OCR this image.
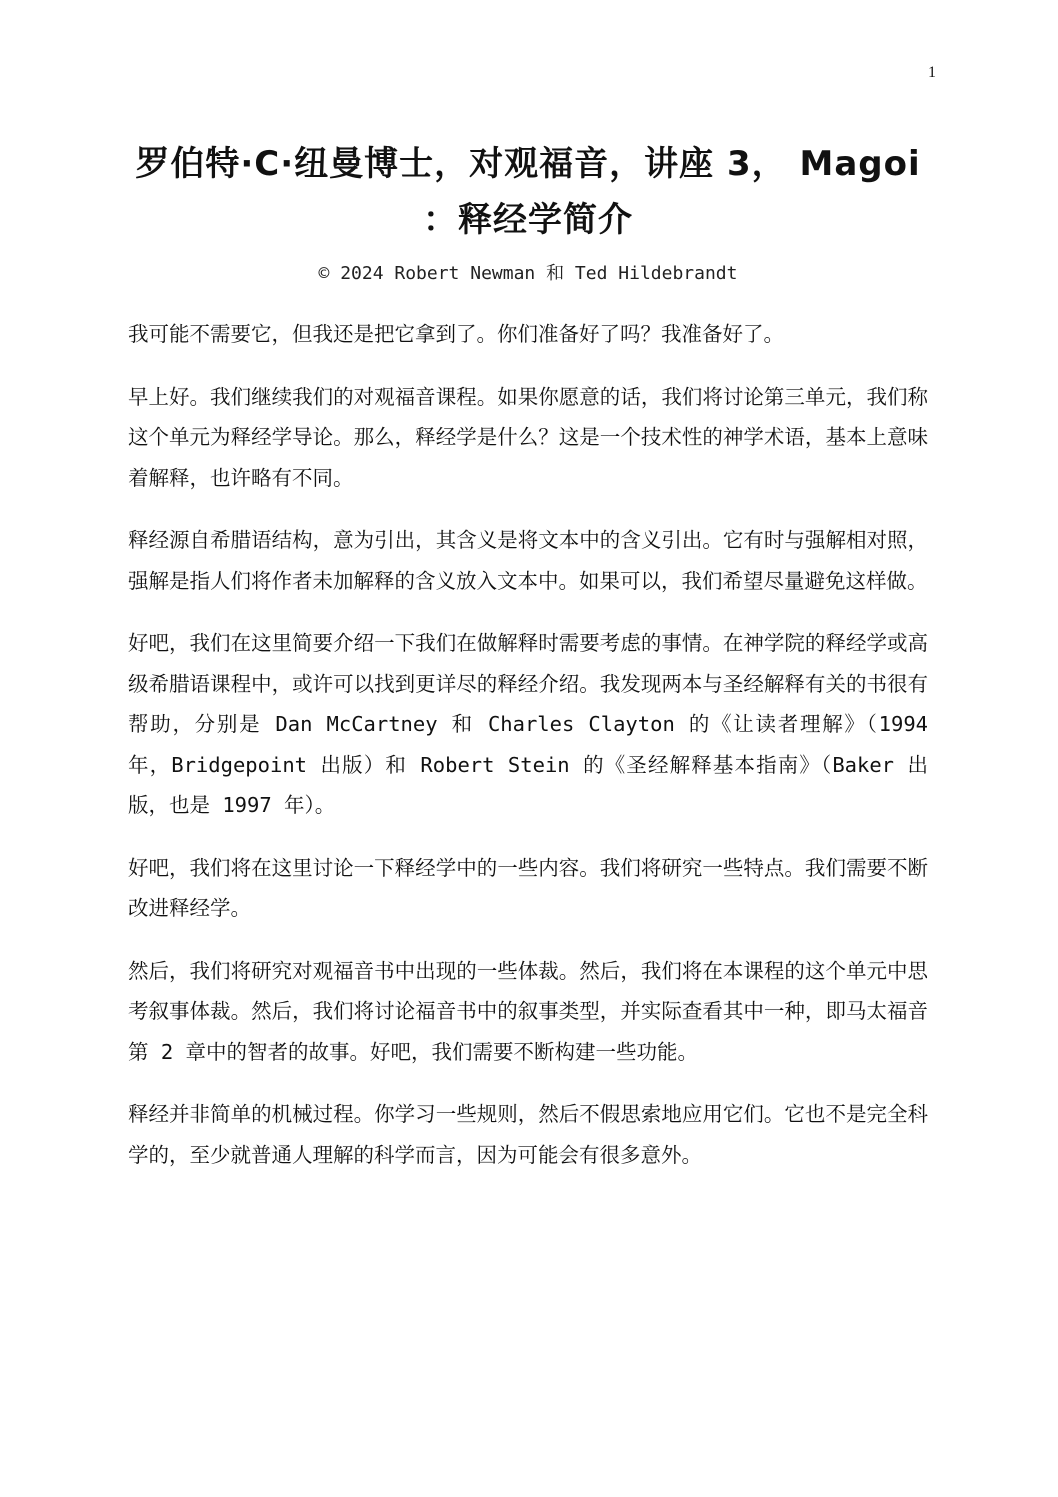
1
罗伯特·C·纽曼博士，对观福音，讲座 3， Magoi ：释经学简介
© 2024 Robert Newman 和 Ted Hildebrandt

我可能不需要它，但我还是把它拿到了。你们准备好了吗？我准备好了。

早上好。我们继续我们的对观福音课程。如果你愿意的话，我们将讨论第三单元，我们称这个单元为释经学导论。那么，释经学是什么？这是一个技术性的神学术语，基本上意味着解释，也许略有不同。

释经源自希腊语结构，意为引出，其含义是将文本中的含义引出。它有时与强解相对照，强解是指人们将作者未加解释的含义放入文本中。如果可以，我们希望尽量避免这样做。

好吧，我们在这里简要介绍一下我们在做解释时需要考虑的事情。在神学院的释经学或高级希腊语课程中，或许可以找到更详尽的释经介绍。我发现两本与圣经解释有关的书很有帮助，分别是 Dan McCartney 和 Charles Clayton 的《让读者理解》（1994 年，Bridgepoint 出版）和 Robert Stein 的《圣经解释基本指南》（Baker 出版，也是 1997 年）。

好吧，我们将在这里讨论一下释经学中的一些内容。我们将研究一些特点。我们需要不断改进释经学。

然后，我们将研究对观福音书中出现的一些体裁。然后，我们将在本课程的这个单元中思考叙事体裁。然后，我们将讨论福音书中的叙事类型，并实际查看其中一种，即马太福音第 2 章中的智者的故事。好吧，我们需要不断构建一些功能。

释经并非简单的机械过程。你学习一些规则，然后不假思索地应用它们。它也不是完全科学的，至少就普通人理解的科学而言，因为可能会有很多意外。
